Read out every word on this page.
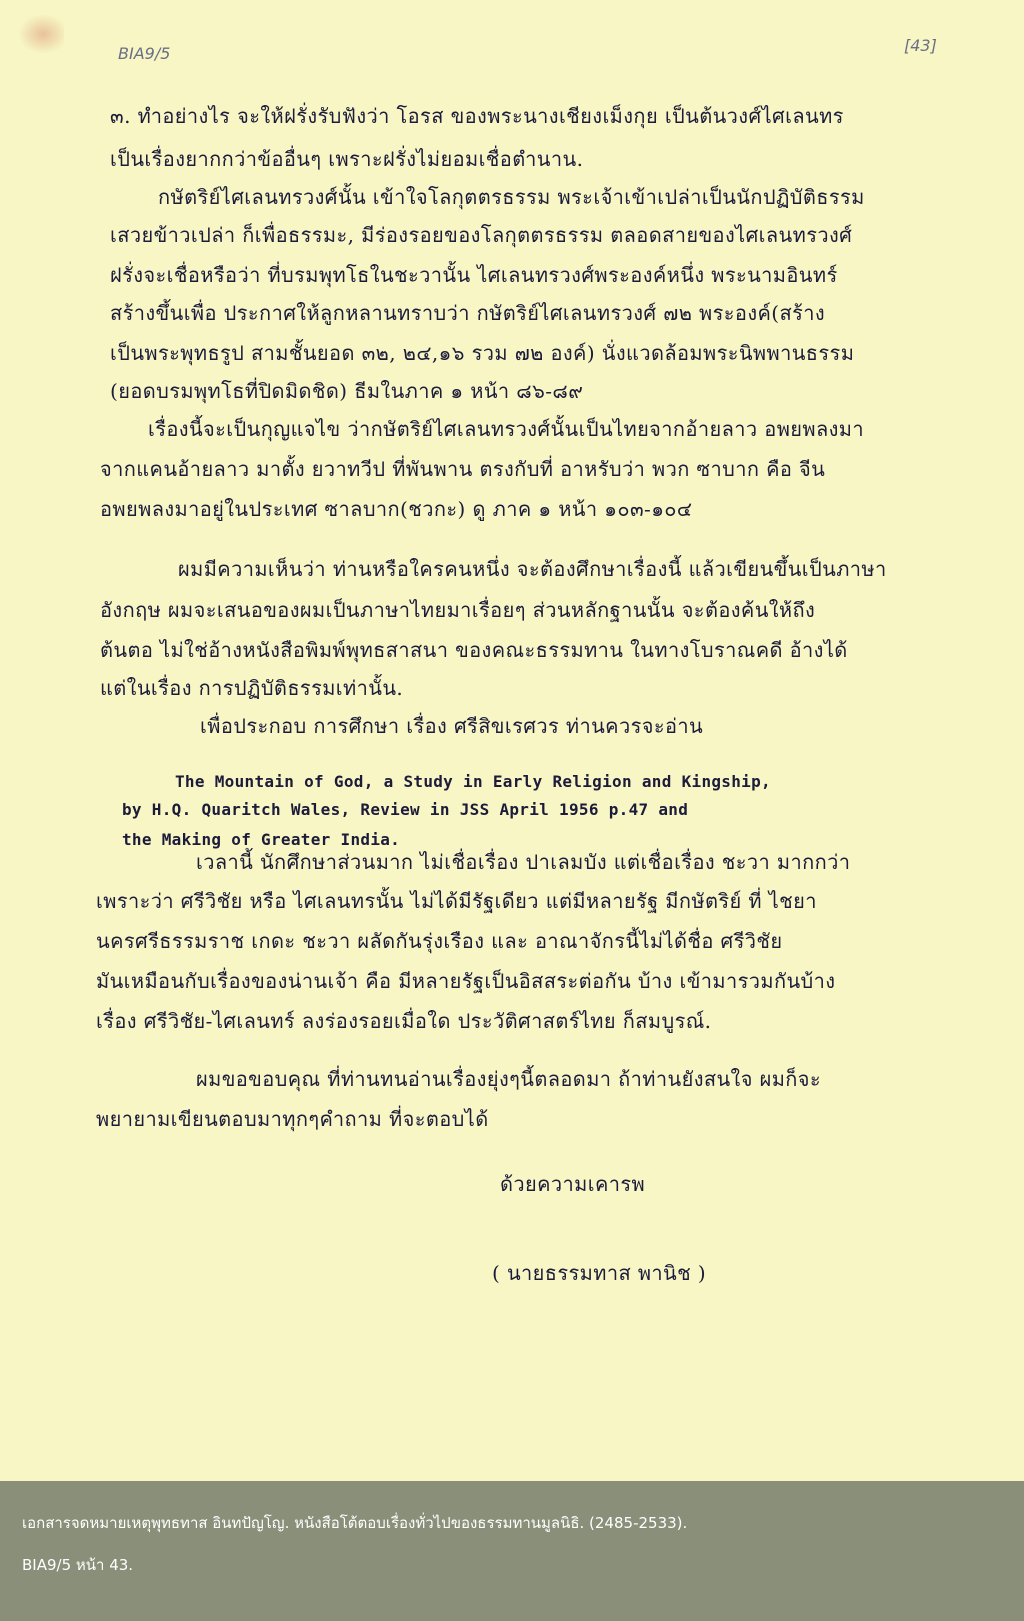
BIA9/5	[43]
๓. ทำอย่างไร จะให้ฝรั่งรับฟังว่า โอรส ของพระนางเชียงเม็งกุย เป็นต้นวงศ์ไศเลนทร
เป็นเรื่องยากกว่าข้ออื่นๆ เพราะฝรั่งไม่ยอมเชื่อตำนาน.
กษัตริย์ไศเลนทรวงศ์นั้น เข้าใจโลกุตตรธรรม พระเจ้าเข้าเปล่าเป็นนักปฏิบัติธรรม
เสวยข้าวเปล่า ก็เพื่อธรรมะ, มีร่องรอยของโลกุตตรธรรม ตลอดสายของไศเลนทรวงศ์
ฝรั่งจะเชื่อหรือว่า ที่บรมพุทโธในชะวานั้น ไศเลนทรวงศ์พระองค์หนึ่ง พระนามอินทร์
สร้างขึ้นเพื่อ ประกาศให้ลูกหลานทราบว่า กษัตริย์ไศเลนทรวงศ์ ๗๒ พระองค์(สร้าง
เป็นพระพุทธรูป สามชั้นยอด ๓๒, ๒๔,๑๖ รวม ๗๒ องค์) นั่งแวดล้อมพระนิพพานธรรม
(ยอดบรมพุทโธที่ปิดมิดชิด) ธีมในภาค ๑ หน้า ๘๖-๘๙
เรื่องนี้จะเป็นกุญแจไข ว่ากษัตริย์ไศเลนทรวงศ์นั้นเป็นไทยจากอ้ายลาว อพยพลงมา
จากแคนอ้ายลาว มาตั้ง ยวาทวีป ที่พันพาน ตรงกับที่ อาหรับว่า พวก ซาบาก คือ จีน
อพยพลงมาอยู่ในประเทศ ซาลบาก(ชวกะ) ดู ภาค ๑ หน้า ๑๐๓-๑๐๔
ผมมีความเห็นว่า ท่านหรือใครคนหนึ่ง จะต้องศึกษาเรื่องนี้ แล้วเขียนขึ้นเป็นภาษา
อังกฤษ ผมจะเสนอของผมเป็นภาษาไทยมาเรื่อยๆ ส่วนหลักฐานนั้น จะต้องค้นให้ถึง
ต้นตอ ไม่ใช่อ้างหนังสือพิมพ์พุทธสาสนา ของคณะธรรมทาน ในทางโบราณคดี อ้างได้
แต่ในเรื่อง การปฏิบัติธรรมเท่านั้น.
เพื่อประกอบ การศึกษา เรื่อง ศรีสิขเรศวร ท่านควรจะอ่าน
เวลานี้ นักศึกษาส่วนมาก ไม่เชื่อเรื่อง ปาเลมบัง แต่เชื่อเรื่อง ชะวา มากกว่า
เพราะว่า ศรีวิชัย หรือ ไศเลนทรนั้น ไม่ได้มีรัฐเดียว แต่มีหลายรัฐ มีกษัตริย์ ที่ ไชยา
นครศรีธรรมราช เกดะ ชะวา ผลัดกันรุ่งเรือง และ อาณาจักรนี้ไม่ได้ชื่อ ศรีวิชัย
มันเหมือนกับเรื่องของน่านเจ้า คือ มีหลายรัฐเป็นอิสสระต่อกัน บ้าง เข้ามารวมกันบ้าง
เรื่อง ศรีวิชัย-ไศเลนทร์ ลงร่องรอยเมื่อใด ประวัติศาสตร์ไทย ก็สมบูรณ์.
ผมขอขอบคุณ ที่ท่านทนอ่านเรื่องยุ่งๆนี้ตลอดมา ถ้าท่านยังสนใจ ผมก็จะ
พยายามเขียนตอบมาทุกๆคำถาม ที่จะตอบได้
ด้วยความเคารพ
( นายธรรมทาส พานิช )
The Mountain of God, a Study in Early Religion and Kingship,
by H.Q. Quaritch Wales, Review in JSS April 1956 p.47 and
the Making of Greater India.
เอกสารจดหมายเหตุพุทธทาส อินทปัญโญ. หนังสือโต้ตอบเรื่องทั่วไปของธรรมทานมูลนิธิ. (2485-2533).
BIA9/5 หน้า 43.
